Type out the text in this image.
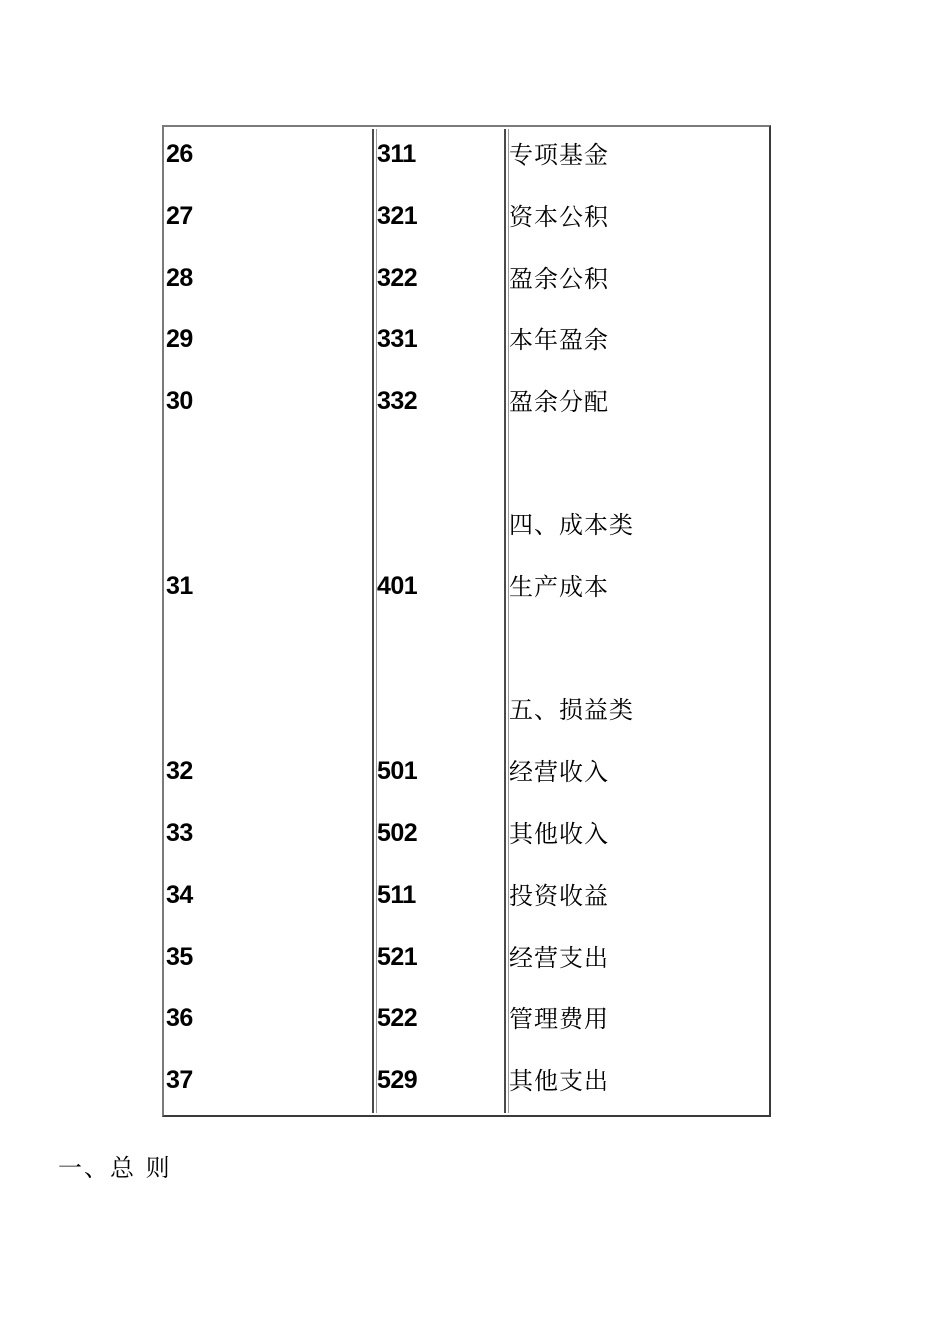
26
27
28
29
30
31
32
33
34
35
36
37
311
321
322
331
332
401
501
502
511
521
522
529
专项基金
资本公积
盈余公积
本年盈余
盈余分配
四、成本类
生产成本
五、损益类
经营收入
其他收入
投资收益
经营支出
管理费用
其他支出
一、总 则
